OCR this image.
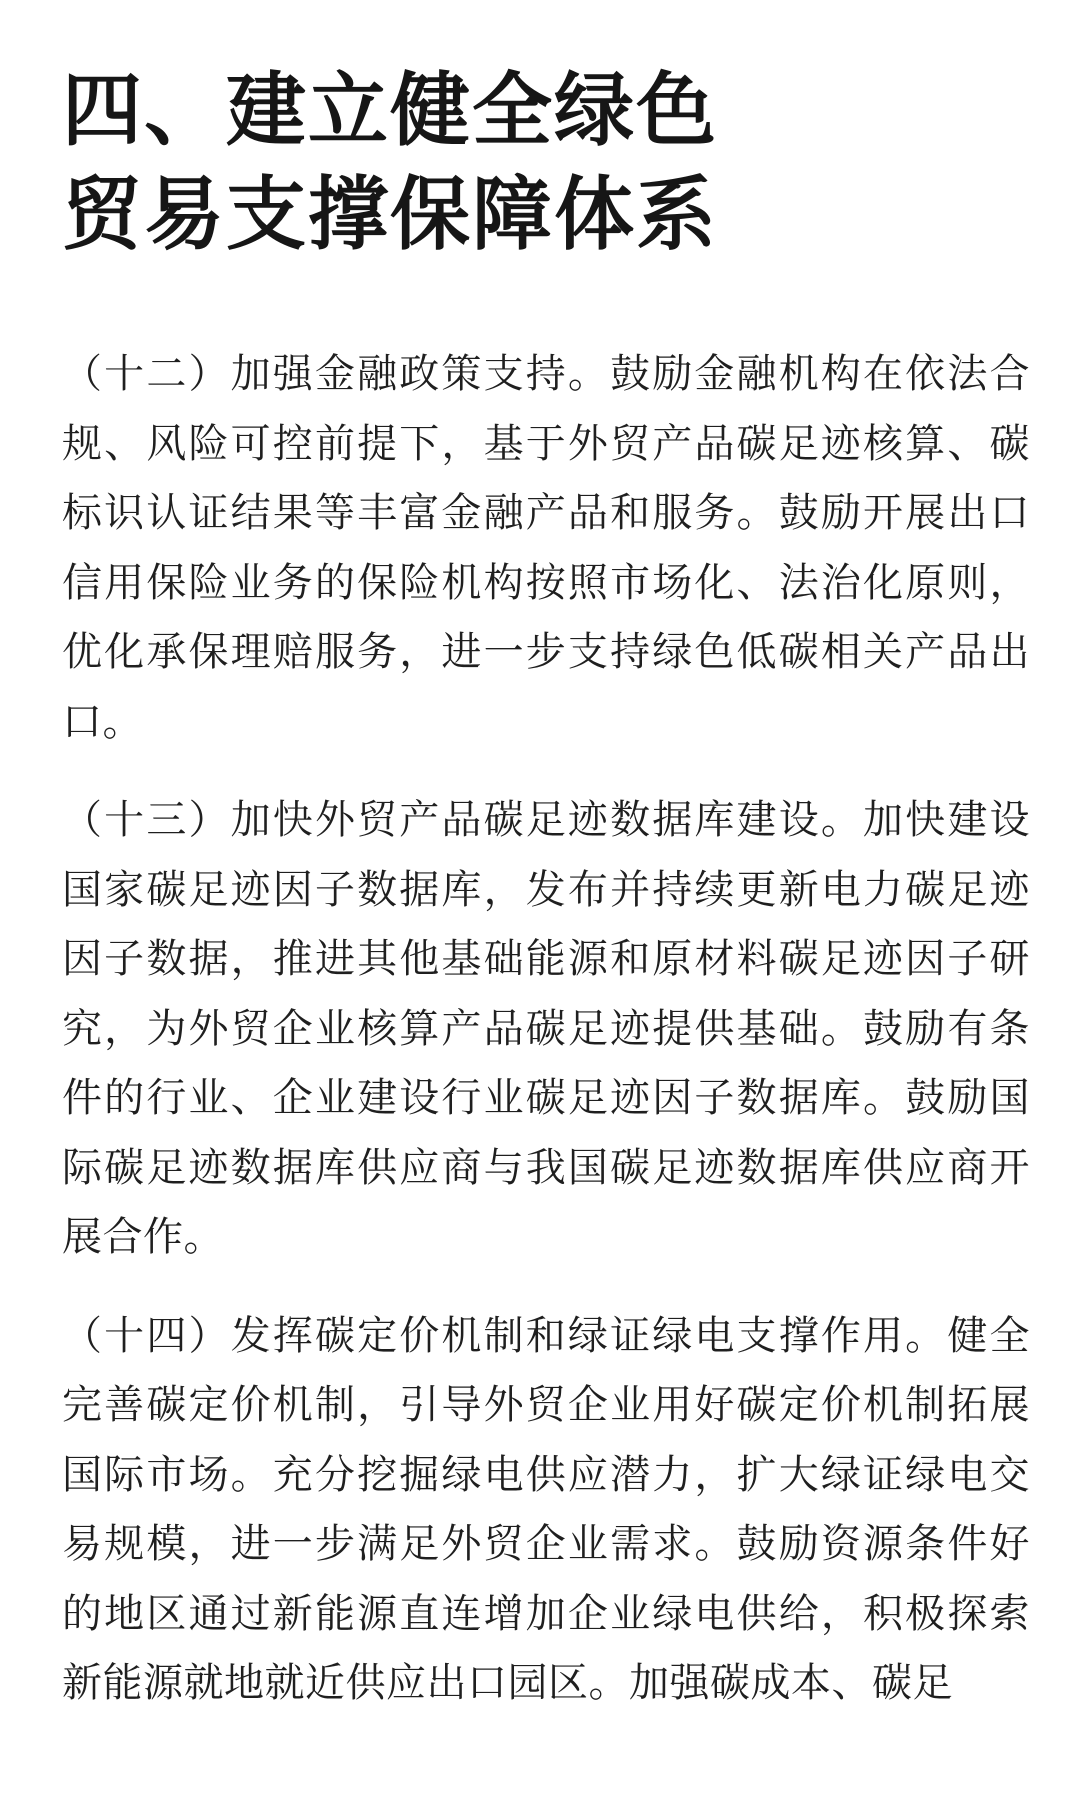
四、建立健全绿色
贸易支撑保障体系

（十二）加强金融政策支持。鼓励金融机构在依法合规、风险可控前提下，基于外贸产品碳足迹核算、碳标识认证结果等丰富金融产品和服务。鼓励开展出口信用保险业务的保险机构按照市场化、法治化原则，优化承保理赔服务，进一步支持绿色低碳相关产品出口。

（十三）加快外贸产品碳足迹数据库建设。加快建设国家碳足迹因子数据库，发布并持续更新电力碳足迹因子数据，推进其他基础能源和原材料碳足迹因子研究，为外贸企业核算产品碳足迹提供基础。鼓励有条件的行业、企业建设行业碳足迹因子数据库。鼓励国际碳足迹数据库供应商与我国碳足迹数据库供应商开展合作。

（十四）发挥碳定价机制和绿证绿电支撑作用。健全完善碳定价机制，引导外贸企业用好碳定价机制拓展国际市场。充分挖掘绿电供应潜力，扩大绿证绿电交易规模，进一步满足外贸企业需求。鼓励资源条件好的地区通过新能源直连增加企业绿电供给，积极探索新能源就地就近供应出口园区。加强碳成本、碳足
